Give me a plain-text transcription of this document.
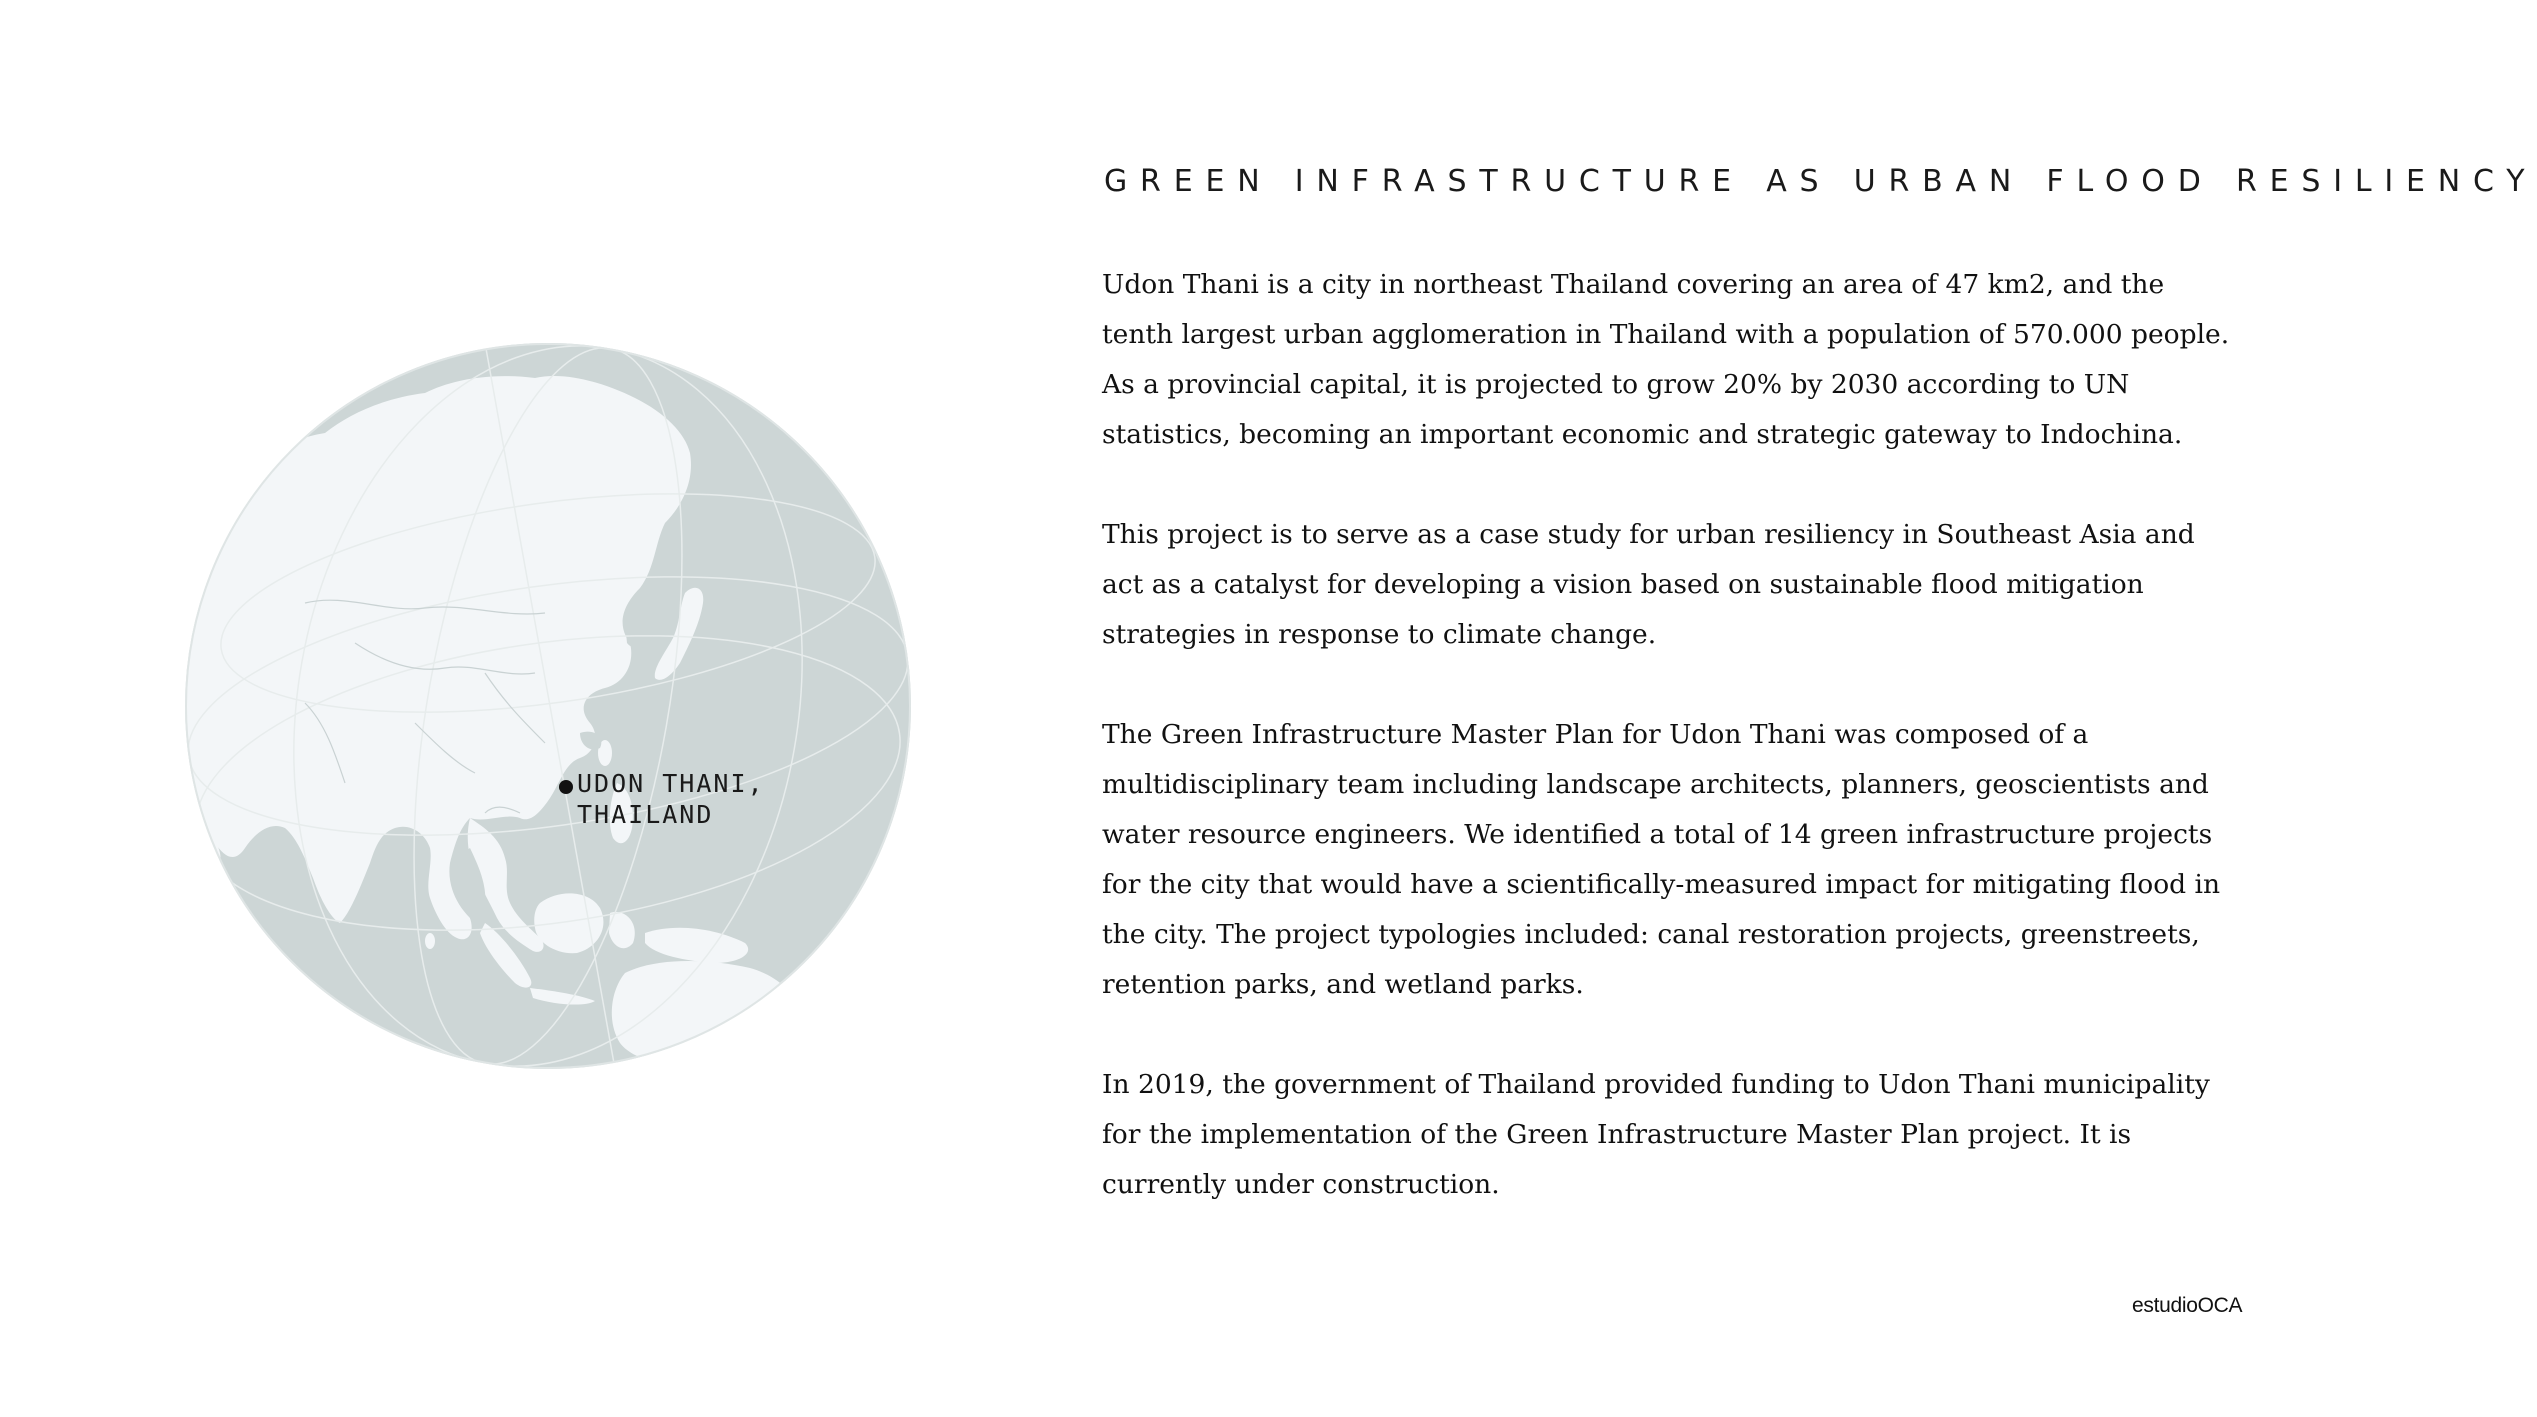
UDON THANI,
THAILAND
GREEN INFRASTRUCTURE AS URBAN FLOOD RESILIENCY

Udon Thani is a city in northeast Thailand covering an area of 47 km2, and the tenth largest urban agglomeration in Thailand with a population of 570.000 people. As a provincial capital, it is projected to grow 20% by 2030 according to UN statistics, becoming an important economic and strategic gateway to Indochina.

This project is to serve as a case study for urban resiliency in Southeast Asia and act as a catalyst for developing a vision based on sustainable flood mitigation strategies in response to climate change.

The Green Infrastructure Master Plan for Udon Thani was composed of a multidisciplinary team including landscape architects, planners, geoscientists and water resource engineers. We identified a total of 14 green infrastructure projects for the city that would have a scientifically-measured impact for mitigating flood in the city. The project typologies included: canal restoration projects, greenstreets, retention parks, and wetland parks.

In 2019, the government of Thailand provided funding to Udon Thani municipality for the implementation of the Green Infrastructure Master Plan project. It is currently under construction.

estudioOCA
